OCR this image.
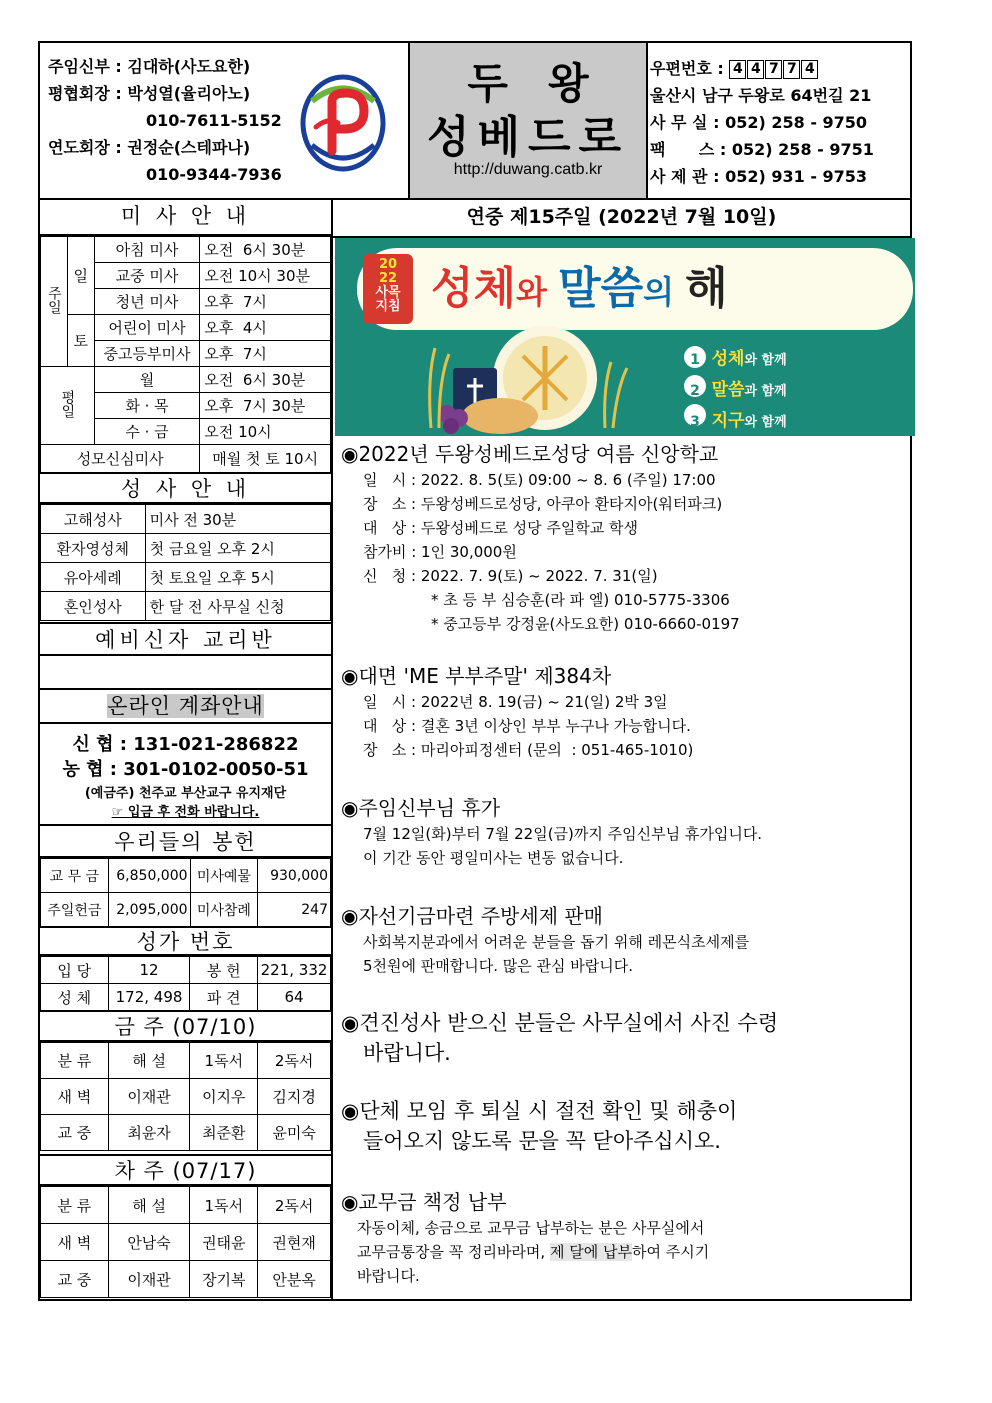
주임신부 : 김대하(사도요한)
평협회장 : 박성열(율리아노)
010-7611-5152
연도회장 : 권정순(스테파나)
010-9344-7936
두왕
성베드로
http://duwang.catb.kr
우편번호 : 4 4 7 7 4
울산시 남구 두왕로 64번길 21
사 무 실 : 052) 258 - 9750
팩      스 : 052) 258 - 9751
사 제 관 : 052) 931 - 9753
미 사 안 내
주일	일	아침 미사	오전  6시 30분
		교중 미사	오전 10시 30분
		청년 미사	오후  7시
	토	어린이 미사	오후  4시
		중고등부미사	오후  7시
평일		월	오전  6시 30분
		화 · 목	오후  7시 30분
		수 · 금	오전 10시
성모신심미사			매월 첫 토 10시
성 사 안 내
고해성사	미사 전 30분
환자영성체	첫 금요일 오후 2시
유아세례	첫 토요일 오후 5시
혼인성사	한 달 전 사무실 신청
예비신자 교리반
온라인 계좌안내
신 협 : 131-021-286822
농 협 : 301-0102-0050-51
(예금주) 천주교 부산교구 유지재단
☞ 입금 후 전화 바랍니다.
우리들의 봉헌
교 무 금	6,850,000	미사예물	930,000
주일헌금	2,095,000	미사참례	247
성가 번호
입 당	12	봉 헌	221, 332
성 체	172, 498	파 견	64
금 주 (07/10)
분 류	해 설	1독서	2독서
새 벽	이재관	이지우	김지경
교 중	최윤자	최준환	윤미숙
차 주 (07/17)
분 류	해 설	1독서	2독서
새 벽	안남숙	권태윤	권현재
교 중	이재관	장기복	안분옥
연중 제15주일 (2022년 7월 10일)
20
22
사목
지침 성체와 말씀의 해
1 성체와 함께
2 말씀과 함께
3 지구와 함께
◉2022년 두왕성베드로성당 여름 신앙학교
일   시 : 2022. 8. 5(토) 09:00 ~ 8. 6 (주일) 17:00
장   소 : 두왕성베드로성당, 아쿠아 환타지아(워터파크)
대   상 : 두왕성베드로 성당 주일학교 학생
참가비 : 1인 30,000원
신   청 : 2022. 7. 9(토) ~ 2022. 7. 31(일)
* 초 등 부 심승훈(라 파 엘) 010-5775-3306
* 중고등부 강정윤(사도요한) 010-6660-0197
◉대면 'ME 부부주말' 제384차
일   시 : 2022년 8. 19(금) ~ 21(일) 2박 3일
대   상 : 결혼 3년 이상인 부부 누구나 가능합니다.
장   소 : 마리아피정센터 (문의  : 051-465-1010)
◉주임신부님 휴가
7월 12일(화)부터 7월 22일(금)까지 주임신부님 휴가입니다.
이 기간 동안 평일미사는 변동 없습니다.
◉자선기금마련 주방세제 판매
사회복지분과에서 어려운 분들을 돕기 위해 레몬식초세제를
5천원에 판매합니다. 많은 관심 바랍니다.
◉견진성사 받으신 분들은 사무실에서 사진 수령
바랍니다.
◉단체 모임 후 퇴실 시 절전 확인 및 해충이
들어오지 않도록 문을 꼭 닫아주십시오.
◉교무금 책정 납부
자동이체, 송금으로 교무금 납부하는 분은 사무실에서
교무금통장을 꼭 정리바라며, 제 달에 납부하여 주시기
바랍니다.
